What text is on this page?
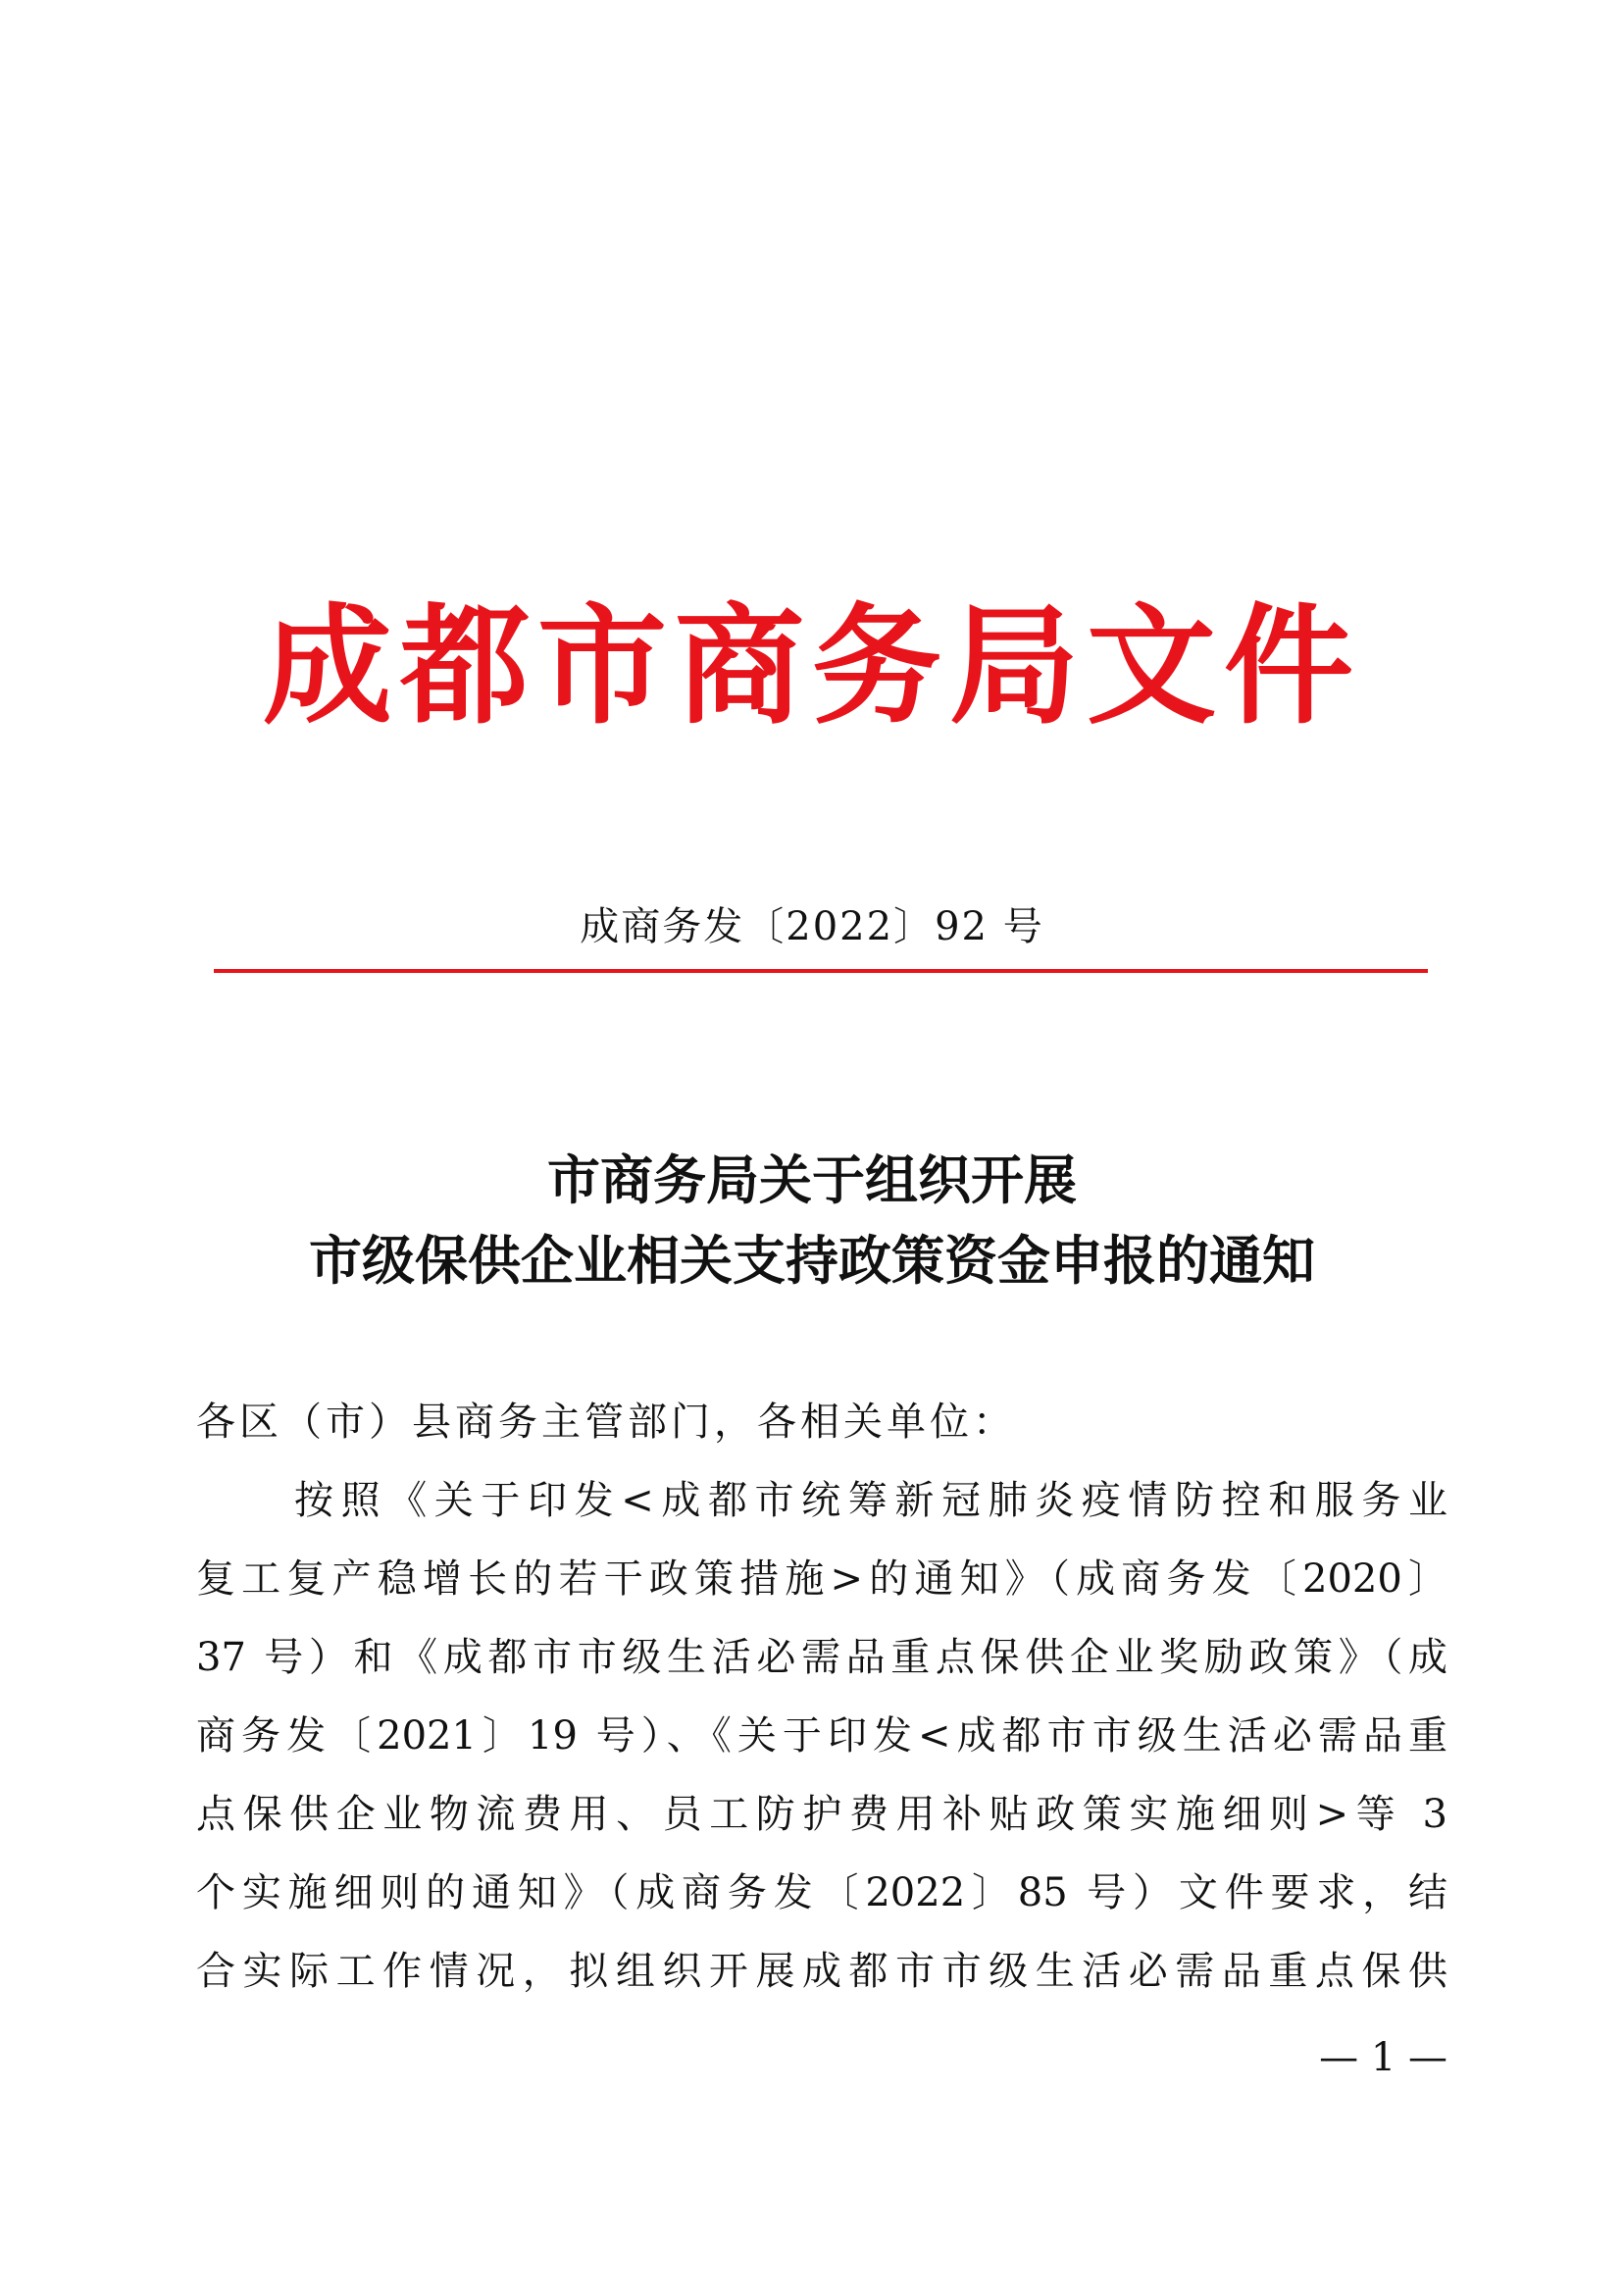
成都市商务局文件
成商务发〔2022〕92 号
市商务局关于组织开展
市级保供企业相关支持政策资金申报的通知
各区（市）县商务主管部门，各相关单位：
按照《关于印发<成都市统筹新冠肺炎疫情防控和服务业
复工复产稳增长的若干政策措施>的通知》（成商务发〔2020〕
37 号）和《成都市市级生活必需品重点保供企业奖励政策》（成
商务发〔2021〕19 号）、《关于印发<成都市市级生活必需品重
点保供企业物流费用、员工防护费用补贴政策实施细则>等 3
个实施细则的通知》（成商务发〔2022〕85 号）文件要求，结
合实际工作情况，拟组织开展成都市市级生活必需品重点保供
— 1 —
